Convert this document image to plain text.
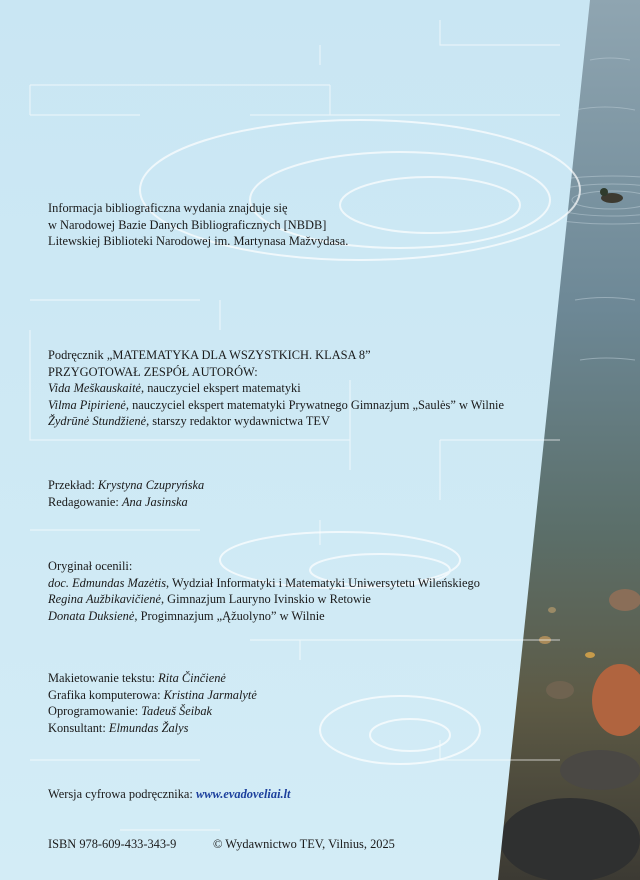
Informacja bibliograficzna wydania znajduje się
w Narodowej Bazie Danych Bibliograficznych [NBDB]
Litewskiej Biblioteki Narodowej im. Martynasa Mažvydasa.
Podręcznik „MATEMATYKA DLA WSZYSTKICH. KLASA 8”
PRZYGOTOWAŁ ZESPÓŁ AUTORÓW:
Vida Meškauskaitė, nauczyciel ekspert matematyki
Vilma Pipirienė, nauczyciel ekspert matematyki Prywatnego Gimnazjum „Saulės” w Wilnie
Žydrūnė Stundžienė, starszy redaktor wydawnictwa TEV
Przekład: Krystyna Czupryńska
Redagowanie: Ana Jasinska
Oryginał ocenili:
doc. Edmundas Mazėtis, Wydział Informatyki i Matematyki Uniwersytetu Wileńskiego
Regina Aužbikavičienė, Gimnazjum Lauryno Ivinskio w Retowie
Donata Duksienė, Progimnazjum „Ąžuolyno” w Wilnie
Makietowanie tekstu: Rita Činčienė
Grafika komputerowa: Kristina Jarmalytė
Oprogramowanie: Tadeuš Šeibak
Konsultant: Elmundas Žalys
Wersja cyfrowa podręcznika: www.evadoveliai.lt
ISBN 978-609-433-343-9	© Wydawnictwo TEV, Vilnius, 2025
